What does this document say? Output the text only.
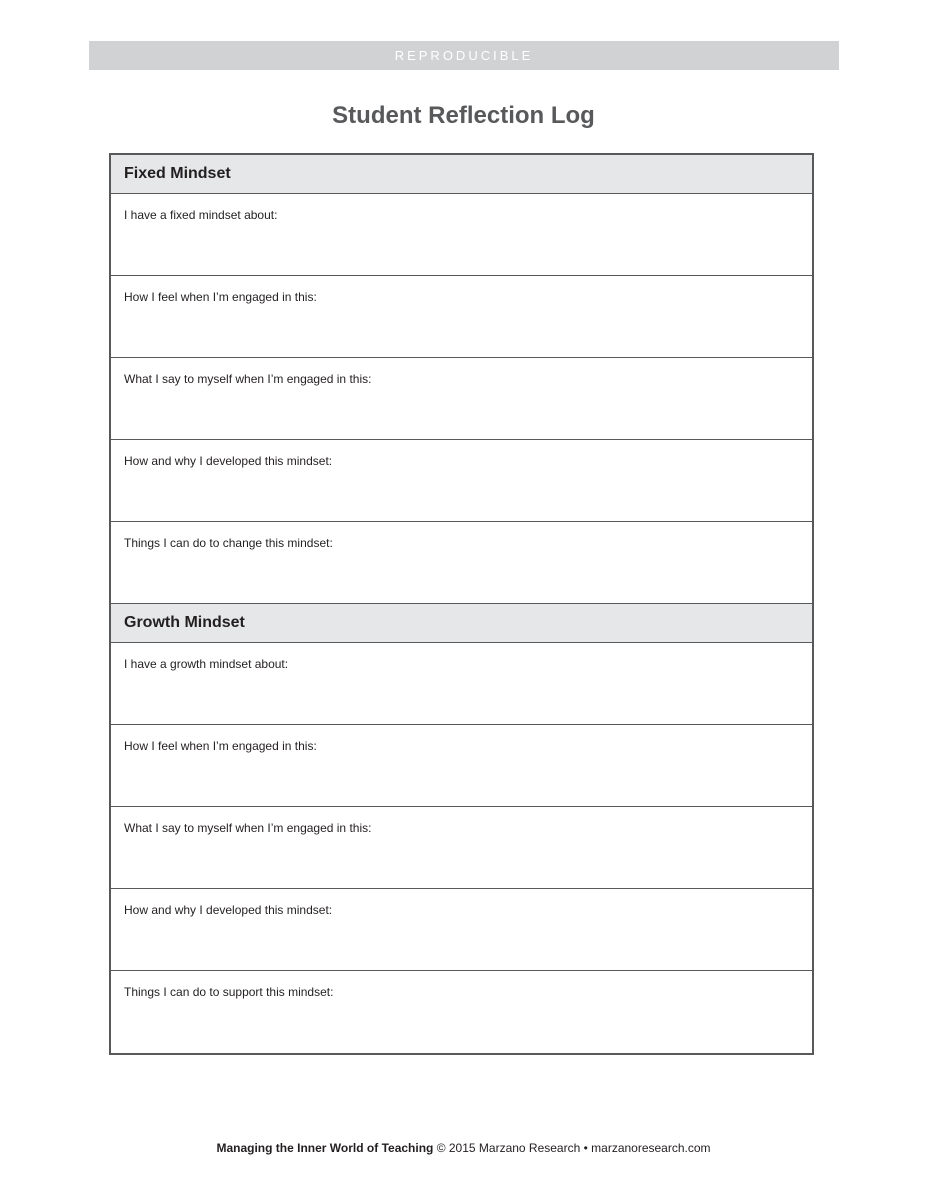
REPRODUCIBLE
Student Reflection Log
Fixed Mindset
I have a fixed mindset about:
How I feel when I’m engaged in this:
What I say to myself when I’m engaged in this:
How and why I developed this mindset:
Things I can do to change this mindset:
Growth Mindset
I have a growth mindset about:
How I feel when I’m engaged in this:
What I say to myself when I’m engaged in this:
How and why I developed this mindset:
Things I can do to support this mindset:
Managing the Inner World of Teaching © 2015 Marzano Research • marzanoresearch.com
